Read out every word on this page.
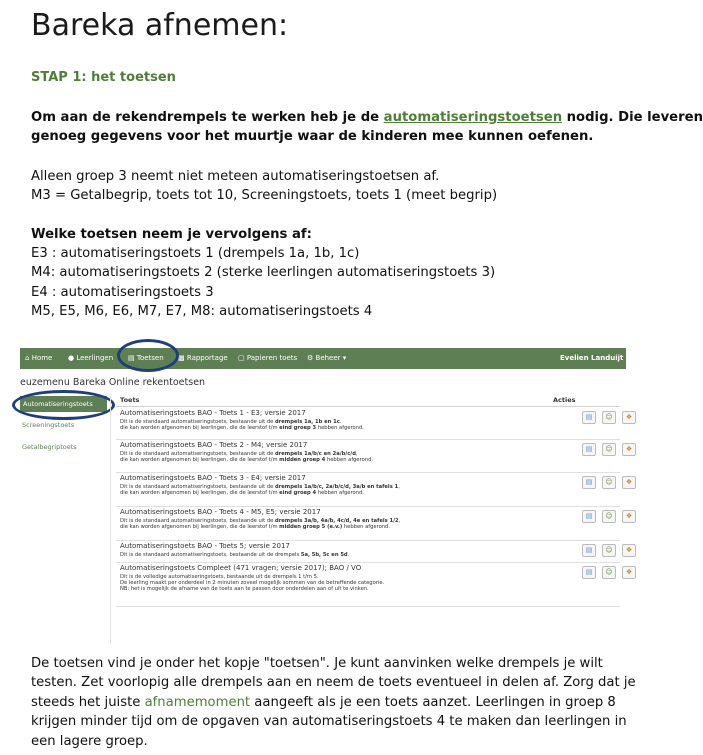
Bareka afnemen:
STAP 1: het toetsen
Om aan de rekendrempels te werken heb je de automatiseringstoetsen nodig. Die leveren
genoeg gegevens voor het muurtje waar de kinderen mee kunnen oefenen.
Alleen groep 3 neemt niet meteen automatiseringstoetsen af.
M3 = Getalbegrip, toets tot 10, Screeningstoets, toets 1 (meet begrip)
Welke toetsen neem je vervolgens af:
E3 : automatiseringstoets 1 (drempels 1a, 1b, 1c)
M4: automatiseringstoets 2 (sterke leerlingen automatiseringstoets 3)
E4 : automatiseringstoets 3
M5, E5, M6, E6, M7, E7, M8: automatiseringstoets 4
⌂ Home ● Leerlingen ▤ Toetsen ▩ Rapportage ▢ Papieren toets ⚙ Beheer ▾	Evelien Landuijt ▾
euzemenu Bareka Online rekentoetsen
Automatiseringstoets
Screeningstoets
Getalbegriptoets
Toets	Acties
Automatiseringstoets BAO - Toets 1 - E3; versie 2017
Dit is de standaard automatiseringstoets, bestaande uit de drempels 1a, 1b en 1c.
die kan worden afgenomen bij leerlingen, die de leerstof t/m eind groep 3 hebben afgerond.
▤	☺	❖
Automatiseringstoets BAO - Toets 2 - M4; versie 2017
Dit is de standaard automatiseringstoets, bestaande uit de drempels 1a/b/c en 2a/b/c/d,
die kan worden afgenomen bij leerlingen, die de leerstof t/m midden groep 4 hebben afgerond.
▤	☺	❖
Automatiseringstoets BAO - Toets 3 - E4; versie 2017
Dit is de standaard automatiseringstoets, bestaande uit de drempels 1a/b/c, 2a/b/c/d, 3a/b en tafels 1,
die kan worden afgenomen bij leerlingen, die de leerstof t/m eind groep 4 hebben afgerond.
▤	☺	❖
Automatiseringstoets BAO - Toets 4 - M5, E5; versie 2017
Dit is de standaard automatiseringstoets, bestaande uit de drempels 3a/b, 4a/b, 4c/d, 4e en tafels 1/2,
die kan worden afgenomen bij leerlingen, die de leerstof t/m midden groep 5 (e.v.) hebben afgerond.
▤	☺	❖
Automatiseringstoets BAO - Toets 5; versie 2017
Dit is de standaard automatiseringstoets, bestaande uit de drempels 5a, 5b, 5c en 5d.
▤	☺	❖
Automatiseringstoets Compleet (471 vragen; versie 2017); BAO / VO
Dit is de volledige automatiseringstoets, bestaande uit de drempels 1 t/m 5.
De leerling maakt per onderdeel in 2 minuten zoveel mogelijk sommen van de betreffende categorie.
NB: het is mogelijk de afname van de toets aan te passen door onderdelen aan of uit te vinken.
▤	☺	❖
De toetsen vind je onder het kopje "toetsen". Je kunt aanvinken welke drempels je wilt
testen. Zet voorlopig alle drempels aan en neem de toets eventueel in delen af. Zorg dat je
steeds het juiste afnamemoment aangeeft als je een toets aanzet. Leerlingen in groep 8
krijgen minder tijd om de opgaven van automatiseringstoets 4 te maken dan leerlingen in
een lagere groep.
